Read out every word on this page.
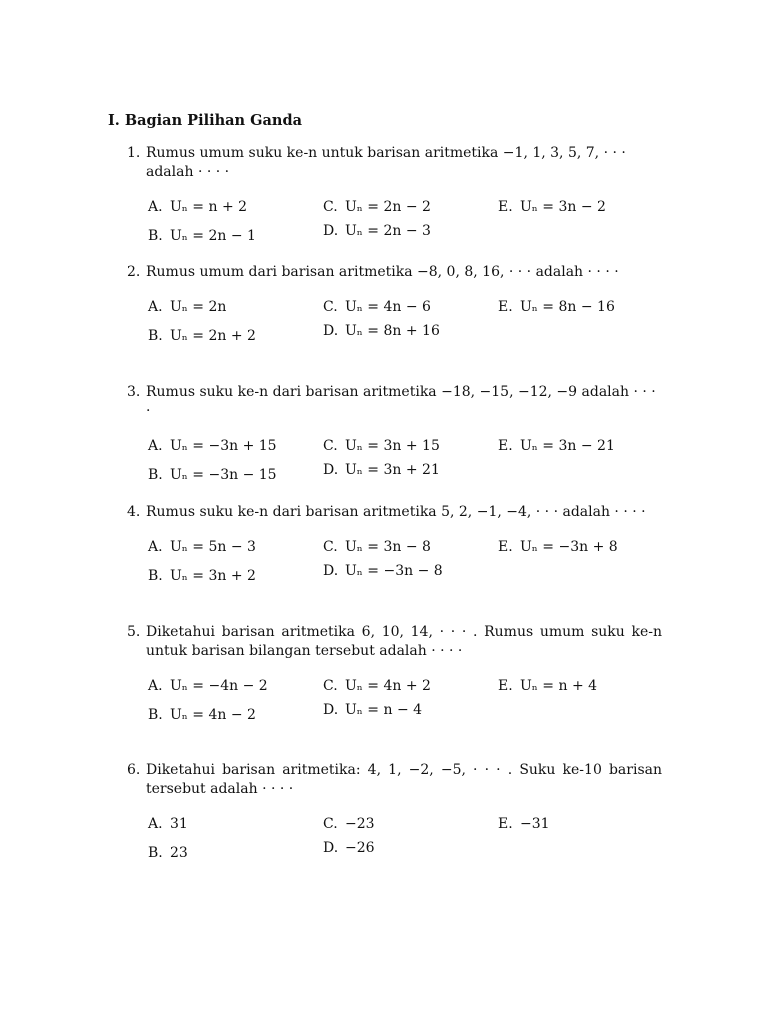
I. Bagian Pilihan Ganda
1. Rumus umum suku ke-n untuk barisan aritmetika −1, 1, 3, 5, 7, · · · adalah · · · ·
A. Uₙ = n + 2
B. Uₙ = 2n − 1
C. Uₙ = 2n − 2
D. Uₙ = 2n − 3
E. Uₙ = 3n − 2
2. Rumus umum dari barisan aritmetika −8, 0, 8, 16, · · · adalah · · · ·
A. Uₙ = 2n
B. Uₙ = 2n + 2
C. Uₙ = 4n − 6
D. Uₙ = 8n + 16
E. Uₙ = 8n − 16
3. Rumus suku ke-n dari barisan aritmetika −18, −15, −12, −9 adalah · · · ·
A. Uₙ = −3n + 15
B. Uₙ = −3n − 15
C. Uₙ = 3n + 15
D. Uₙ = 3n + 21
E. Uₙ = 3n − 21
4. Rumus suku ke-n dari barisan aritmetika 5, 2, −1, −4, · · · adalah · · · ·
A. Uₙ = 5n − 3
B. Uₙ = 3n + 2
C. Uₙ = 3n − 8
D. Uₙ = −3n − 8
E. Uₙ = −3n + 8
5. Diketahui barisan aritmetika 6, 10, 14, · · · . Rumus umum suku ke-n untuk barisan bilangan tersebut adalah · · · ·
A. Uₙ = −4n − 2
B. Uₙ = 4n − 2
C. Uₙ = 4n + 2
D. Uₙ = n − 4
E. Uₙ = n + 4
6. Diketahui barisan aritmetika: 4, 1, −2, −5, · · · . Suku ke-10 barisan tersebut adalah · · · ·
A. 31
B. 23
C. −23
D. −26
E. −31
